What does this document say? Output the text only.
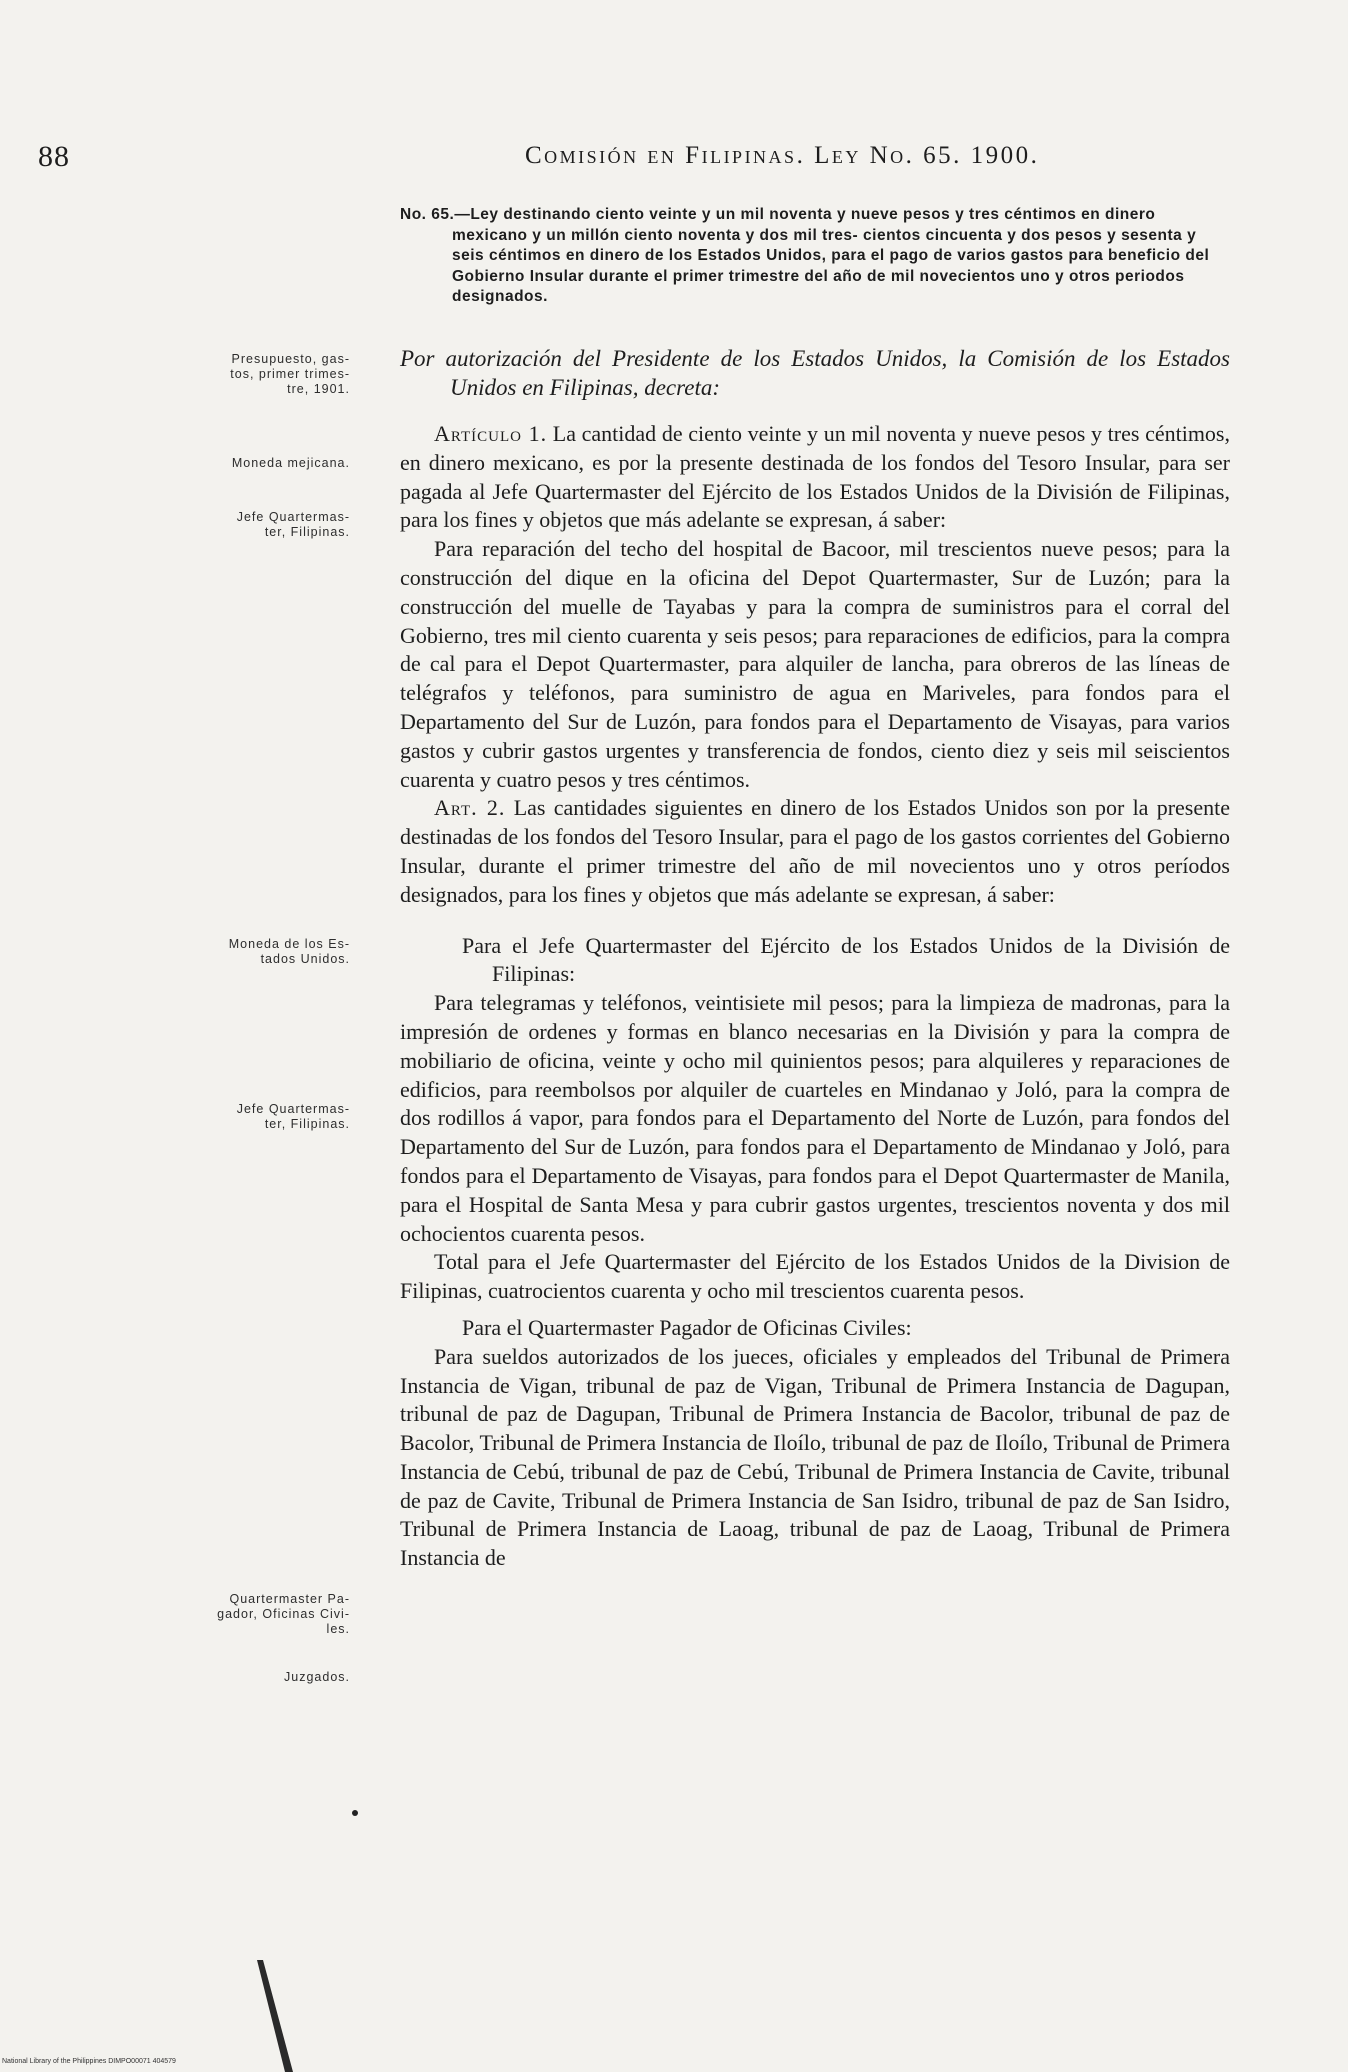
88	Comisión en Filipinas. Ley No. 65. 1900.
No. 65.—Ley destinando ciento veinte y un mil noventa y nueve pesos y tres céntimos en dinero mexicano y un millón ciento noventa y dos mil tres- cientos cincuenta y dos pesos y sesenta y seis céntimos en dinero de los Estados Unidos, para el pago de varios gastos para beneficio del Gobierno Insular durante el primer trimestre del año de mil novecientos uno y otros periodos designados.

Presupuesto, gas-
tos, primer trimes-
tre, 1901.

Moneda mejicana.

Jefe Quartermas-
ter, Filipinas.

Moneda de los Es-
tados Unidos.

Jefe Quartermas-
ter, Filipinas.

Quartermaster Pa-
gador, Oficinas Civi-
les.

Juzgados.

Por autorización del Presidente de los Estados Unidos, la Comisión de los Estados Unidos en Filipinas, decreta:

Artículo 1. La cantidad de ciento veinte y un mil noventa y nueve pesos y tres céntimos, en dinero mexicano, es por la presente destinada de los fondos del Tesoro Insular, para ser pagada al Jefe Quartermaster del Ejército de los Estados Unidos de la División de Filipinas, para los fines y objetos que más adelante se expresan, á saber:

Para reparación del techo del hospital de Bacoor, mil trescientos nueve pesos; para la construcción del dique en la oficina del Depot Quartermaster, Sur de Luzón; para la construcción del muelle de Tayabas y para la compra de suministros para el corral del Gobierno, tres mil ciento cuarenta y seis pesos; para reparaciones de edificios, para la compra de cal para el Depot Quartermaster, para alquiler de lancha, para obreros de las líneas de telégrafos y teléfonos, para suministro de agua en Mariveles, para fondos para el Departamento del Sur de Luzón, para fondos para el Departamento de Visayas, para varios gastos y cubrir gastos urgentes y transferencia de fondos, ciento diez y seis mil seiscientos cuarenta y cuatro pesos y tres céntimos.

Art. 2. Las cantidades siguientes en dinero de los Estados Unidos son por la presente destinadas de los fondos del Tesoro Insular, para el pago de los gastos corrientes del Gobierno Insular, durante el primer trimestre del año de mil novecientos uno y otros períodos designados, para los fines y objetos que más adelante se expresan, á saber:

Para el Jefe Quartermaster del Ejército de los Estados Unidos de la División de Filipinas:

Para telegramas y teléfonos, veintisiete mil pesos; para la limpieza de madronas, para la impresión de ordenes y formas en blanco necesarias en la División y para la compra de mobiliario de oficina, veinte y ocho mil quinientos pesos; para alquileres y reparaciones de edificios, para reembolsos por alquiler de cuarteles en Mindanao y Joló, para la compra de dos rodillos á vapor, para fondos para el Departamento del Norte de Luzón, para fondos del Departamento del Sur de Luzón, para fondos para el Departamento de Mindanao y Joló, para fondos para el Departamento de Visayas, para fondos para el Depot Quartermaster de Manila, para el Hospital de Santa Mesa y para cubrir gastos urgentes, trescientos noventa y dos mil ochocientos cuarenta pesos.

Total para el Jefe Quartermaster del Ejército de los Estados Unidos de la Division de Filipinas, cuatrocientos cuarenta y ocho mil trescientos cuarenta pesos.

Para el Quartermaster Pagador de Oficinas Civiles:

Para sueldos autorizados de los jueces, oficiales y empleados del Tribunal de Primera Instancia de Vigan, tribunal de paz de Vigan, Tribunal de Primera Instancia de Dagupan, tribunal de paz de Dagupan, Tribunal de Primera Instancia de Bacolor, tribunal de paz de Bacolor, Tribunal de Primera Instancia de Iloílo, tribunal de paz de Iloílo, Tribunal de Primera Instancia de Cebú, tribunal de paz de Cebú, Tribunal de Primera Instancia de Cavite, tribunal de paz de Cavite, Tribunal de Primera Instancia de San Isidro, tribunal de paz de San Isidro, Tribunal de Primera Instancia de Laoag, tribunal de paz de Laoag, Tribunal de Primera Instancia de

National Library of the Philippines DIMPO00071 404579
